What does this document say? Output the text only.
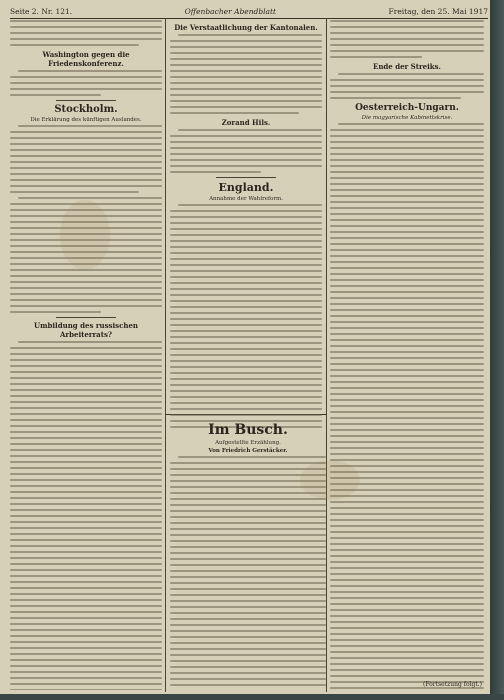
Seite 2. Nr. 121.	Offenbacher Abendblatt	Freitag, den 25. Mai 1917
Washington gegen die Friedenskonferenz.
Stockholm.
Die Erklärung des künftigen Auslandes.
Umbildung des russischen Arbeiterrats?
Die Verstaatlichung der Kantonalen.
Zorand Hils.
England.
Annahme der Wahlreform.
Im Busch.
Aufgestellte Erzählung.
Von Friedrich Gerstäcker.
Ende der Streiks.
Oesterreich-Ungarn.
Die magyarische Kabinettskrise.
(Fortsetzung folgt.)
